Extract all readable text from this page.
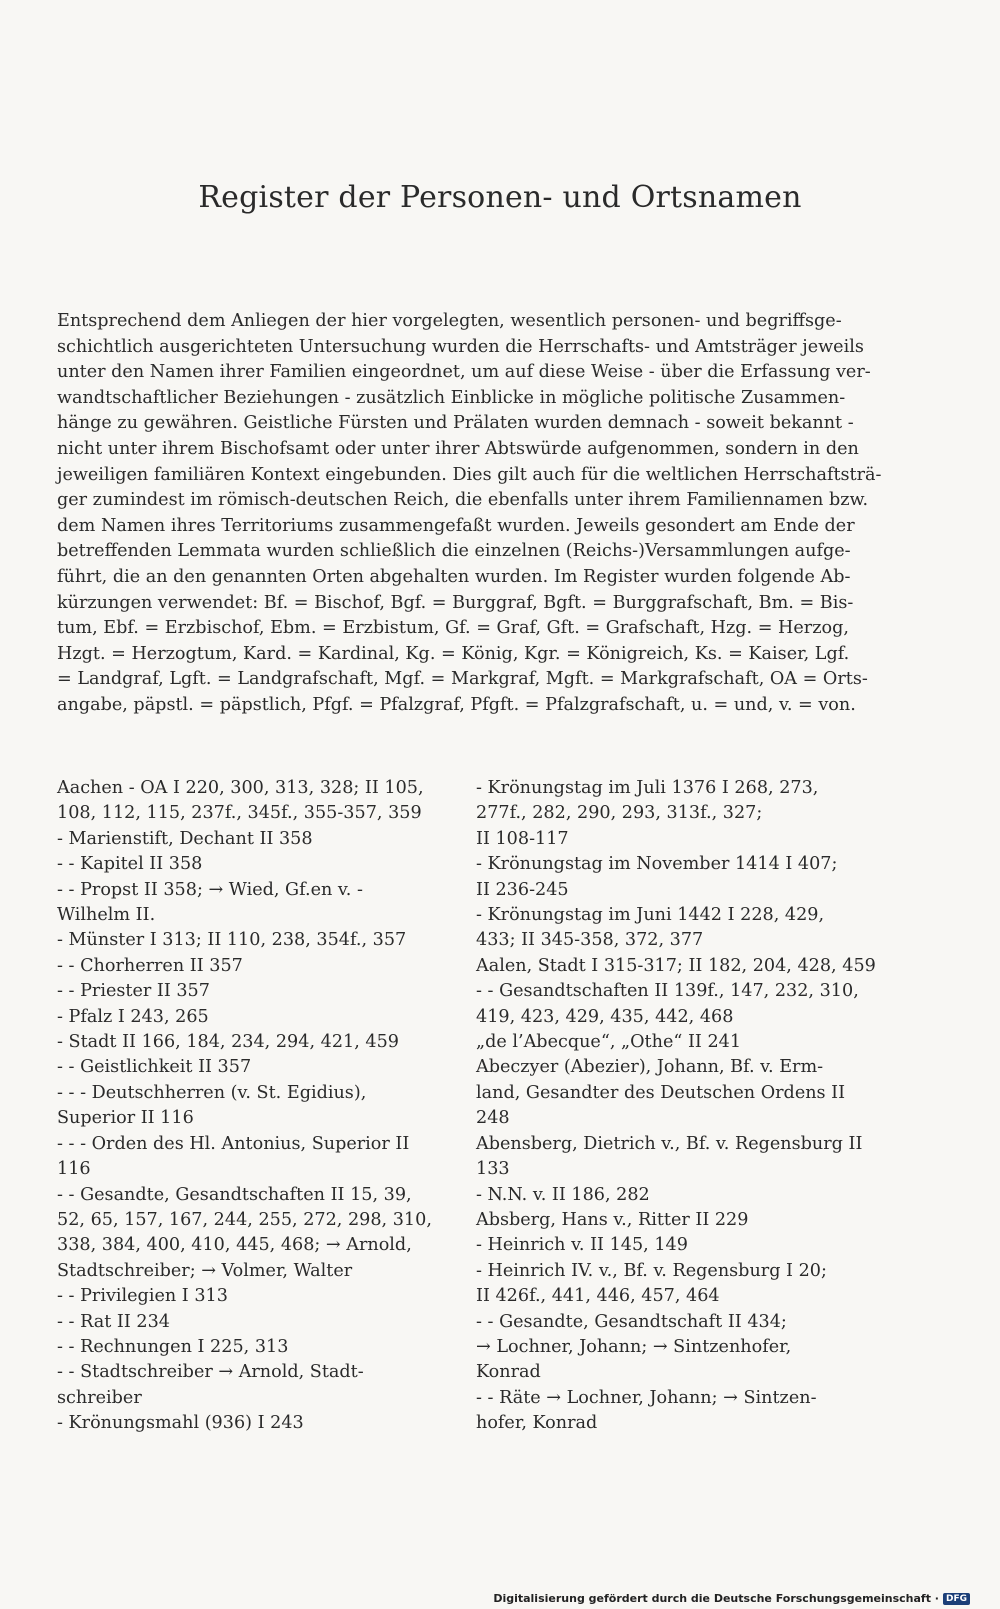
Register der Personen- und Ortsnamen
Entsprechend dem Anliegen der hier vorgelegten, wesentlich personen- und begriffsge-
schichtlich ausgerichteten Untersuchung wurden die Herrschafts- und Amtsträger jeweils
unter den Namen ihrer Familien eingeordnet, um auf diese Weise - über die Erfassung ver-
wandtschaftlicher Beziehungen - zusätzlich Einblicke in mögliche politische Zusammen-
hänge zu gewähren. Geistliche Fürsten und Prälaten wurden demnach - soweit bekannt -
nicht unter ihrem Bischofsamt oder unter ihrer Abtswürde aufgenommen, sondern in den
jeweiligen familiären Kontext eingebunden. Dies gilt auch für die weltlichen Herrschaftsträ-
ger zumindest im römisch-deutschen Reich, die ebenfalls unter ihrem Familiennamen bzw.
dem Namen ihres Territoriums zusammengefaßt wurden. Jeweils gesondert am Ende der
betreffenden Lemmata wurden schließlich die einzelnen (Reichs-)Versammlungen aufge-
führt, die an den genannten Orten abgehalten wurden. Im Register wurden folgende Ab-
kürzungen verwendet: Bf. = Bischof, Bgf. = Burggraf, Bgft. = Burggrafschaft, Bm. = Bis-
tum, Ebf. = Erzbischof, Ebm. = Erzbistum, Gf. = Graf, Gft. = Grafschaft, Hzg. = Herzog,
Hzgt. = Herzogtum, Kard. = Kardinal, Kg. = König, Kgr. = Königreich, Ks. = Kaiser, Lgf.
= Landgraf, Lgft. = Landgrafschaft, Mgf. = Markgraf, Mgft. = Markgrafschaft, OA = Orts-
angabe, päpstl. = päpstlich, Pfgf. = Pfalzgraf, Pfgft. = Pfalzgrafschaft, u. = und, v. = von.
Aachen - OA I 220, 300, 313, 328; II 105,
108, 112, 115, 237f., 345f., 355-357, 359
- Marienstift, Dechant II 358
- - Kapitel II 358
- - Propst II 358; → Wied, Gf.en v. -
Wilhelm II.
- Münster I 313; II 110, 238, 354f., 357
- - Chorherren II 357
- - Priester II 357
- Pfalz I 243, 265
- Stadt II 166, 184, 234, 294, 421, 459
- - Geistlichkeit II 357
- - - Deutschherren (v. St. Egidius),
Superior II 116
- - - Orden des Hl. Antonius, Superior II
116
- - Gesandte, Gesandtschaften II 15, 39,
52, 65, 157, 167, 244, 255, 272, 298, 310,
338, 384, 400, 410, 445, 468; → Arnold,
Stadtschreiber; → Volmer, Walter
- - Privilegien I 313
- - Rat II 234
- - Rechnungen I 225, 313
- - Stadtschreiber → Arnold, Stadt-
schreiber
- Krönungsmahl (936) I 243
- Krönungstag im Juli 1376 I 268, 273,
277f., 282, 290, 293, 313f., 327;
II 108-117
- Krönungstag im November 1414 I 407;
II 236-245
- Krönungstag im Juni 1442 I 228, 429,
433; II 345-358, 372, 377
Aalen, Stadt I 315-317; II 182, 204, 428, 459
- - Gesandtschaften II 139f., 147, 232, 310,
419, 423, 429, 435, 442, 468
„de l’Abecque“, „Othe“ II 241
Abeczyer (Abezier), Johann, Bf. v. Erm-
land, Gesandter des Deutschen Ordens II
248
Abensberg, Dietrich v., Bf. v. Regensburg II
133
- N.N. v. II 186, 282
Absberg, Hans v., Ritter II 229
- Heinrich v. II 145, 149
- Heinrich IV. v., Bf. v. Regensburg I 20;
II 426f., 441, 446, 457, 464
- - Gesandte, Gesandtschaft II 434;
→ Lochner, Johann; → Sintzenhofer,
Konrad
- - Räte → Lochner, Johann; → Sintzen-
hofer, Konrad
Digitalisierung gefördert durch die Deutsche Forschungsgemeinschaft · DFG
